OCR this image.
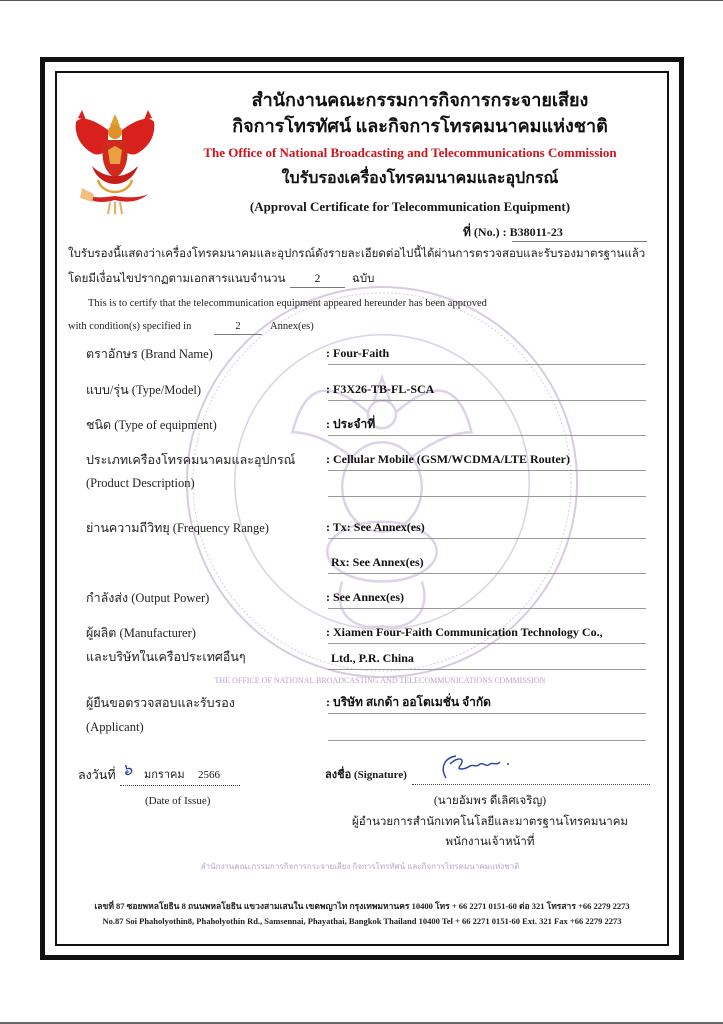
สำนักงานคณะกรรมการกิจการกระจายเสียง
กิจการโทรทัศน์ และกิจการโทรคมนาคมแห่งชาติ
The Office of National Broadcasting and Telecommunications Commission
ใบรับรองเครื่องโทรคมนาคมและอุปกรณ์
(Approval Certificate for Telecommunication Equipment)
ที่ (No.) : B38011-23
ใบรับรองนี้แสดงว่าเครื่องโทรคมนาคมและอุปกรณ์ดังรายละเอียดต่อไปนี้ได้ผ่านการตรวจสอบและรับรองมาตรฐานแล้ว
โดยมีเงื่อนไขปรากฏตามเอกสารแนบจำนวน	2	ฉบับ
This is to certify that the telecommunication equipment appeared hereunder has been approved
with condition(s) specified in	2	Annex(es)
ตราอักษร (Brand Name)	: Four-Faith
แบบ/รุ่น (Type/Model)	: F3X26-TB-FL-SCA
ชนิด (Type of equipment)	: ประจำที่
ประเภทเครื่องโทรคมนาคมและอุปกรณ์
(Product Description)
: Cellular Mobile (GSM/WCDMA/LTE Router)
ย่านความถี่วิทยุ (Frequency Range)	: Tx: See Annex(es)
Rx: See Annex(es)
กำลังส่ง (Output Power)	: See Annex(es)
ผู้ผลิต (Manufacturer)
และบริษัทในเครือประเทศอื่นๆ
: Xiamen Four-Faith Communication Technology Co.,
Ltd., P.R. China
THE OFFICE OF NATIONAL BROADCASTING AND TELECOMMUNICATIONS COMMISSION
ผู้ยื่นขอตรวจสอบและรับรอง
(Applicant)
: บริษัท สเกด้า ออโตเมชั่น จำกัด
ลงวันที่ ๖ มกราคม 2566
(Date of Issue)
ลงชื่อ (Signature)
(นายอัมพร ดีเลิศเจริญ)
ผู้อำนวยการสำนักเทคโนโลยีและมาตรฐานโทรคมนาคม
พนักงานเจ้าหน้าที่
สำนักงานคณะกรรมการกิจการกระจายเสียง กิจการโทรทัศน์ และกิจการโทรคมนาคมแห่งชาติ
เลขที่ 87 ซอยพหลโยธิน 8 ถนนพหลโยธิน แขวงสามเสนใน เขตพญาไท กรุงเทพมหานคร 10400 โทร + 66 2271 0151-60 ต่อ 321 โทรสาร +66 2279 2273
No.87 Soi Phaholyothin8, Phaholyothin Rd., Samsennai, Phayathai, Bangkok Thailand 10400 Tel + 66 2271 0151-60 Ext. 321 Fax +66 2279 2273
